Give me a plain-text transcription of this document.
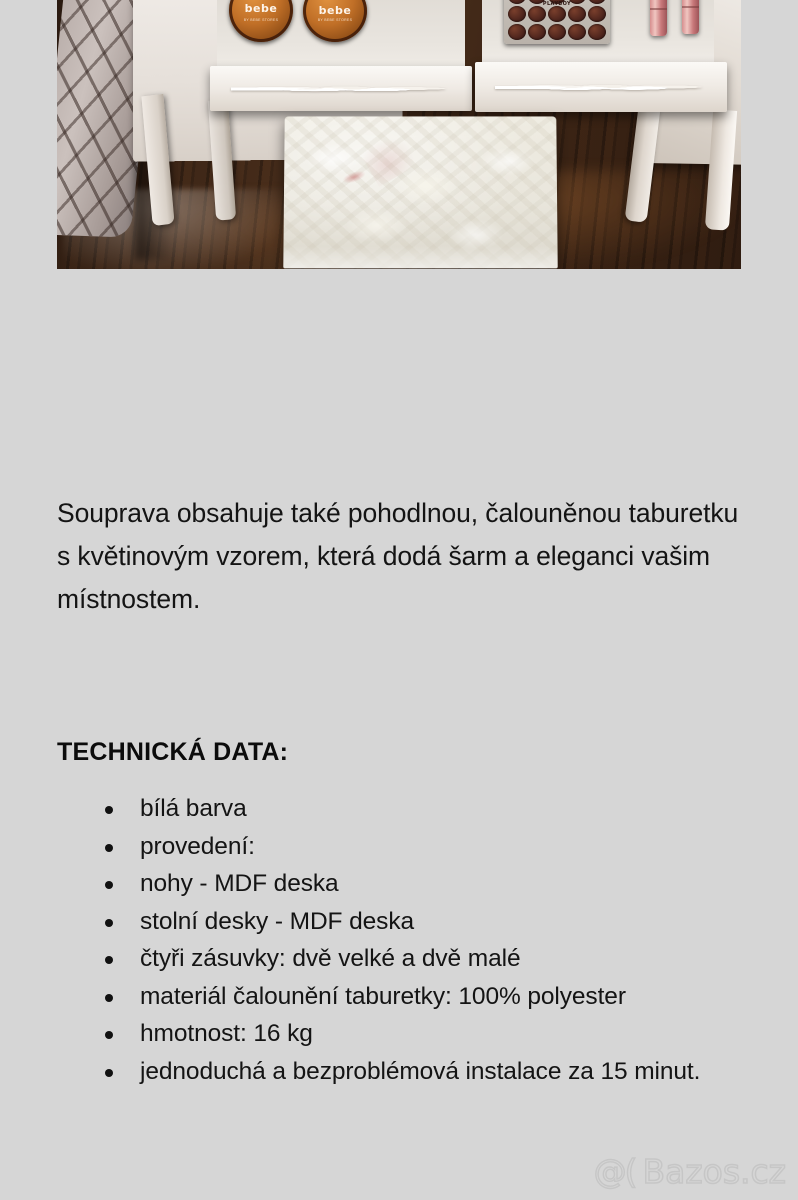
bebe
BY BEBE STORES
bebe
BY BEBE STORES
PLAYBOY

Souprava obsahuje také pohodlnou, čalouněnou taburetku s květinovým vzorem, která dodá šarm a eleganci vašim místnostem.

TECHNICKÁ DATA:
bílá barva
provedení:
nohy - MDF deska
stolní desky - MDF deska
čtyři zásuvky: dvě velké a dvě malé
materiál čalounění taburetky: 100% polyester
hmotnost: 16 kg
jednoduchá a bezproblémová instalace za 15 minut.
@( Bazos.cz
